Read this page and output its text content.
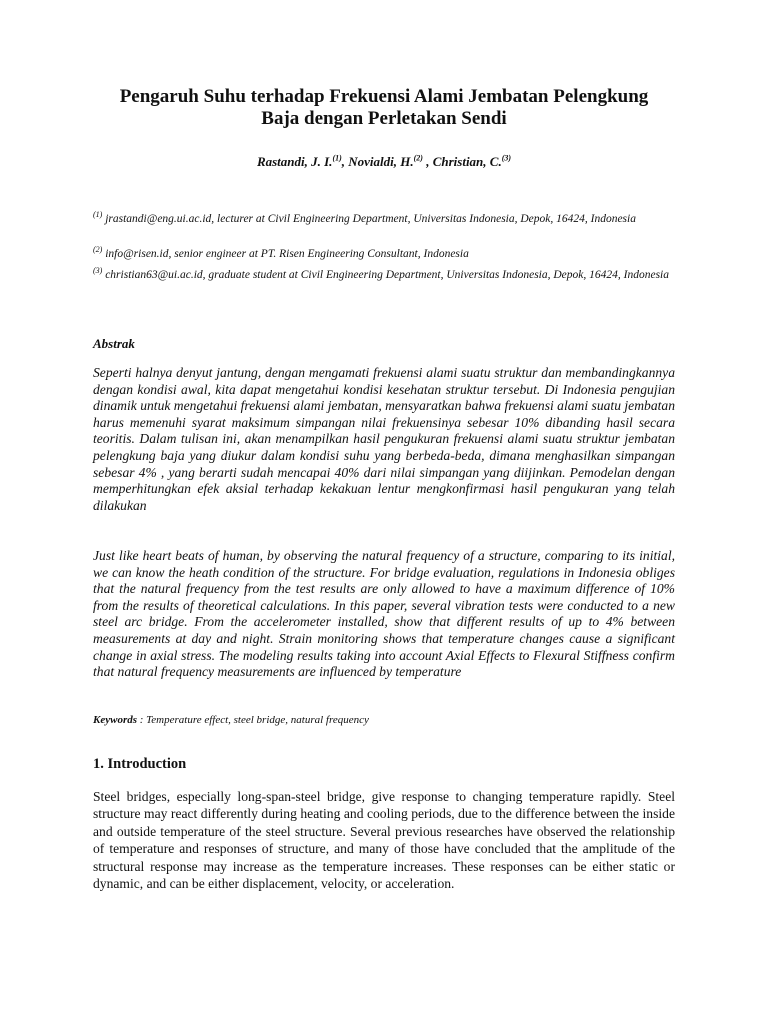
Pengaruh Suhu terhadap Frekuensi Alami Jembatan Pelengkung
Baja dengan Perletakan Sendi
Rastandi, J. I.$^{(1)}$, Novialdi, H.$^{(2)}$ , Christian, C.$^{(3)}$
$^{(1)}$ jrastandi@eng.ui.ac.id, lecturer at Civil Engineering Department, Universitas Indonesia, Depok, 16424, Indonesia
$^{(2)}$ info@risen.id, senior engineer at PT. Risen Engineering Consultant, Indonesia
$^{(3)}$ christian63@ui.ac.id, graduate student at Civil Engineering Department, Universitas Indonesia, Depok, 16424, Indonesia
Abstrak

Seperti halnya denyut jantung, dengan mengamati frekuensi alami suatu struktur dan membandingkannya dengan kondisi awal, kita dapat mengetahui kondisi kesehatan struktur tersebut. Di Indonesia pengujian dinamik untuk mengetahui frekuensi alami jembatan, mensyaratkan bahwa frekuensi alami suatu jembatan harus memenuhi syarat maksimum simpangan nilai frekuensinya sebesar 10% dibanding hasil secara teoritis. Dalam tulisan ini, akan menampilkan hasil pengukuran frekuensi alami suatu struktur jembatan pelengkung baja yang diukur dalam kondisi suhu yang berbeda-beda, dimana menghasilkan simpangan sebesar 4% , yang berarti sudah mencapai 40% dari nilai simpangan yang diijinkan. Pemodelan dengan memperhitungkan efek aksial terhadap kekakuan lentur mengkonfirmasi hasil pengukuran yang telah dilakukan

Just like heart beats of human, by observing the natural frequency of a structure, comparing to its initial, we can know the heath condition of the structure. For bridge evaluation, regulations in Indonesia obliges that the natural frequency from the test results are only allowed to have a maximum difference of 10% from the results of theoretical calculations. In this paper, several vibration tests were conducted to a new steel arc bridge. From the accelerometer installed, show that different results of up to 4% between measurements at day and night. Strain monitoring shows that temperature changes cause a significant change in axial stress. The modeling results taking into account Axial Effects to Flexural Stiffness confirm that natural frequency measurements are influenced by temperature

Keywords : Temperature effect, steel bridge, natural frequency
1. Introduction

Steel bridges, especially long-span-steel bridge, give response to changing temperature rapidly. Steel structure may react differently during heating and cooling periods, due to the difference between the inside and outside temperature of the steel structure. Several previous researches have observed the relationship of temperature and responses of structure, and many of those have concluded that the amplitude of the structural response may increase as the temperature increases. These responses can be either static or dynamic, and can be either displacement, velocity, or acceleration.
